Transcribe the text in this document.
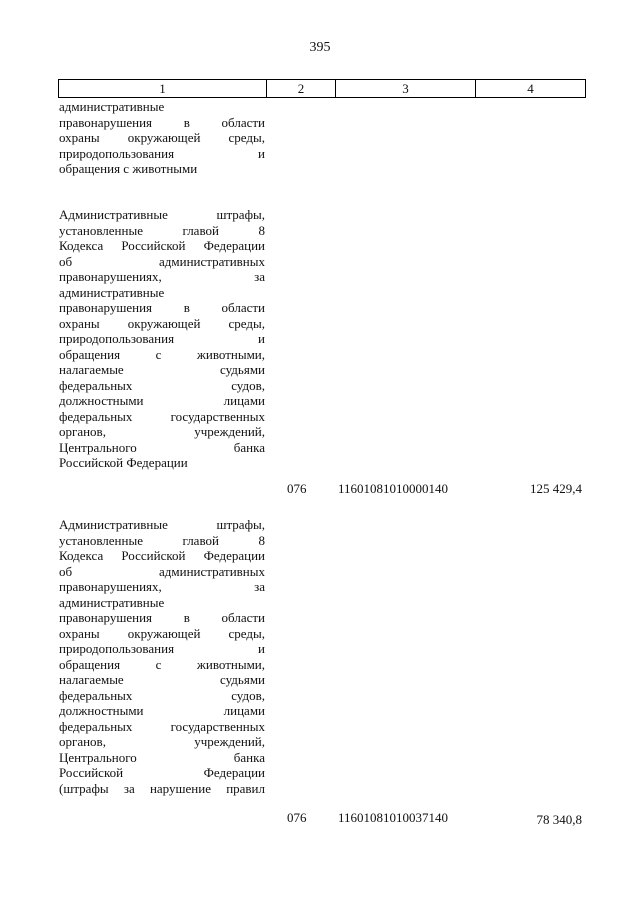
395
1	2	3	4
административные
правонарушения в области
охраны окружающей среды,
природопользования и
обращения с животными
Административные штрафы,
установленные главой 8
Кодекса Российской Федерации
об административных
правонарушениях, за
административные
правонарушения в области
охраны окружающей среды,
природопользования и
обращения с животными,
налагаемые судьями
федеральных судов,
должностными лицами
федеральных государственных
органов, учреждений,
Центрального банка
Российской Федерации
076	11601081010000140	125 429,4
Административные штрафы,
установленные главой 8
Кодекса Российской Федерации
об административных
правонарушениях, за
административные
правонарушения в области
охраны окружающей среды,
природопользования и
обращения с животными,
налагаемые судьями
федеральных судов,
должностными лицами
федеральных государственных
органов, учреждений,
Центрального банка
Российской Федерации
(штрафы за нарушение правил
076	11601081010037140	78 340,8
